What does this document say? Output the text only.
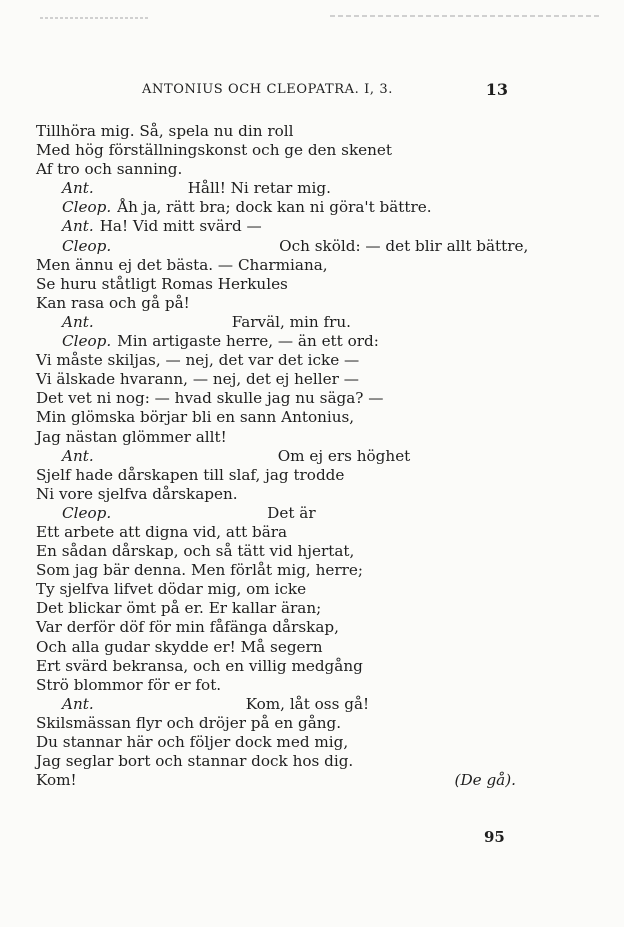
ANTONIUS OCH CLEOPATRA. I, 3.	13
Tillhöra mig. Så, spela nu din roll
Med hög förställningskonst och ge den skenet
Af tro och sanning.
Ant.	Håll! Ni retar mig.
Cleop. Åh ja, rätt bra; dock kan ni göra't bättre.
Ant. Ha! Vid mitt svärd —
Cleop.	Och sköld: — det blir allt bättre,
Men ännu ej det bästa. — Charmiana,
Se huru ståtligt Romas Herkules
Kan rasa och gå på!
Ant.	Farväl, min fru.
Cleop. Min artigaste herre, — än ett ord:
Vi måste skiljas, — nej, det var det icke —
Vi älskade hvarann, — nej, det ej heller —
Det vet ni nog: — hvad skulle jag nu säga? —
Min glömska börjar bli en sann Antonius,
Jag nästan glömmer allt!
Ant.	Om ej ers höghet
Sjelf hade dårskapen till slaf, jag trodde
Ni vore sjelfva dårskapen.
Cleop.	Det är
Ett arbete att digna vid, att bära
En sådan dårskap, och så tätt vid hjertat,
Som jag bär denna. Men förlåt mig, herre;
Ty sjelfva lifvet dödar mig, om icke
Det blickar ömt på er. Er kallar äran;
Var derför döf för min fåfänga dårskap,
Och alla gudar skydde er! Må segern
Ert svärd bekransa, och en villig medgång
Strö blommor för er fot.
Ant.	Kom, låt oss gå!
Skilsmässan flyr och dröjer på en gång.
Du stannar här och följer dock med mig,
Jag seglar bort och stannar dock hos dig.
Kom!	(De gå).
95
